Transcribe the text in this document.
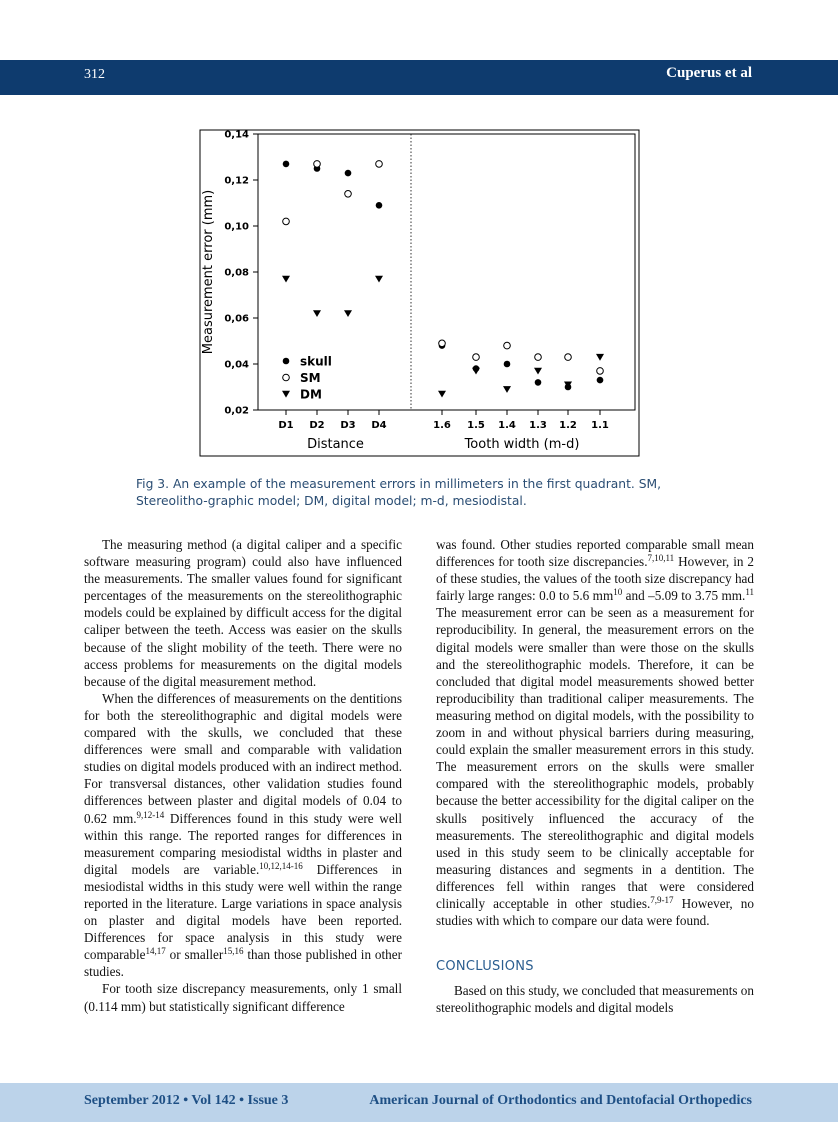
312	Cuperus et al
0,02
0,04
0,06
0,08
0,10
0,12
0,14
Measurement error (mm)
D1 D2 D3 D4
Distance
1.6 1.5 1.4 1.3 1.2 1.1
Tooth width (m-d)
skull
SM
DM
Fig 3. An example of the measurement errors in millimeters in the first quadrant. SM, Stereolitho-graphic model; DM, digital model; m-d, mesiodistal.

The measuring method (a digital caliper and a specific software measuring program) could also have influenced the measurements. The smaller values found for significant percentages of the measurements on the stereolithographic models could be explained by difficult access for the digital caliper between the teeth. Access was easier on the skulls because of the slight mobility of the teeth. There were no access problems for measurements on the digital models because of the digital measurement method.

When the differences of measurements on the dentitions for both the stereolithographic and digital models were compared with the skulls, we concluded that these differences were small and comparable with validation studies on digital models produced with an indirect method. For transversal distances, other validation studies found differences between plaster and digital models of 0.04 to 0.62 mm.$^{9,12-14}$ Differences found in this study were well within this range. The reported ranges for differences in measurement comparing mesiodistal widths in plaster and digital models are variable.$^{10,12,14-16}$ Differences in mesiodistal widths in this study were well within the range reported in the literature. Large variations in space analysis on plaster and digital models have been reported. Differences for space analysis in this study were comparable$^{14,17}$ or smaller$^{15,16}$ than those published in other studies.

For tooth size discrepancy measurements, only 1 small (0.114 mm) but statistically significant difference

was found. Other studies reported comparable small mean differences for tooth size discrepancies.$^{7,10,11}$ However, in 2 of these studies, the values of the tooth size discrepancy had fairly large ranges: 0.0 to 5.6 $mm^{10}$ and –5.09 to 3.75 mm.$^{11}$ The measurement error can be seen as a measurement for reproducibility. In general, the measurement errors on the digital models were smaller than were those on the skulls and the stereolithographic models. Therefore, it can be concluded that digital model measurements showed better reproducibility than traditional caliper measurements. The measuring method on digital models, with the possibility to zoom in and without physical barriers during measuring, could explain the smaller measurement errors in this study. The measurement errors on the skulls were smaller compared with the stereolithographic models, probably because the better accessibility for the digital caliper on the skulls positively influenced the accuracy of the measurements. The stereolithographic and digital models used in this study seem to be clinically acceptable for measuring distances and segments in a dentition. The differences fell within ranges that were considered clinically acceptable in other studies.$^{7,9-17}$ However, no studies with which to compare our data were found.

CONCLUSIONS

Based on this study, we concluded that measurements on stereolithographic models and digital models

September 2012 • Vol 142 • Issue 3	American Journal of Orthodontics and Dentofacial Orthopedics
